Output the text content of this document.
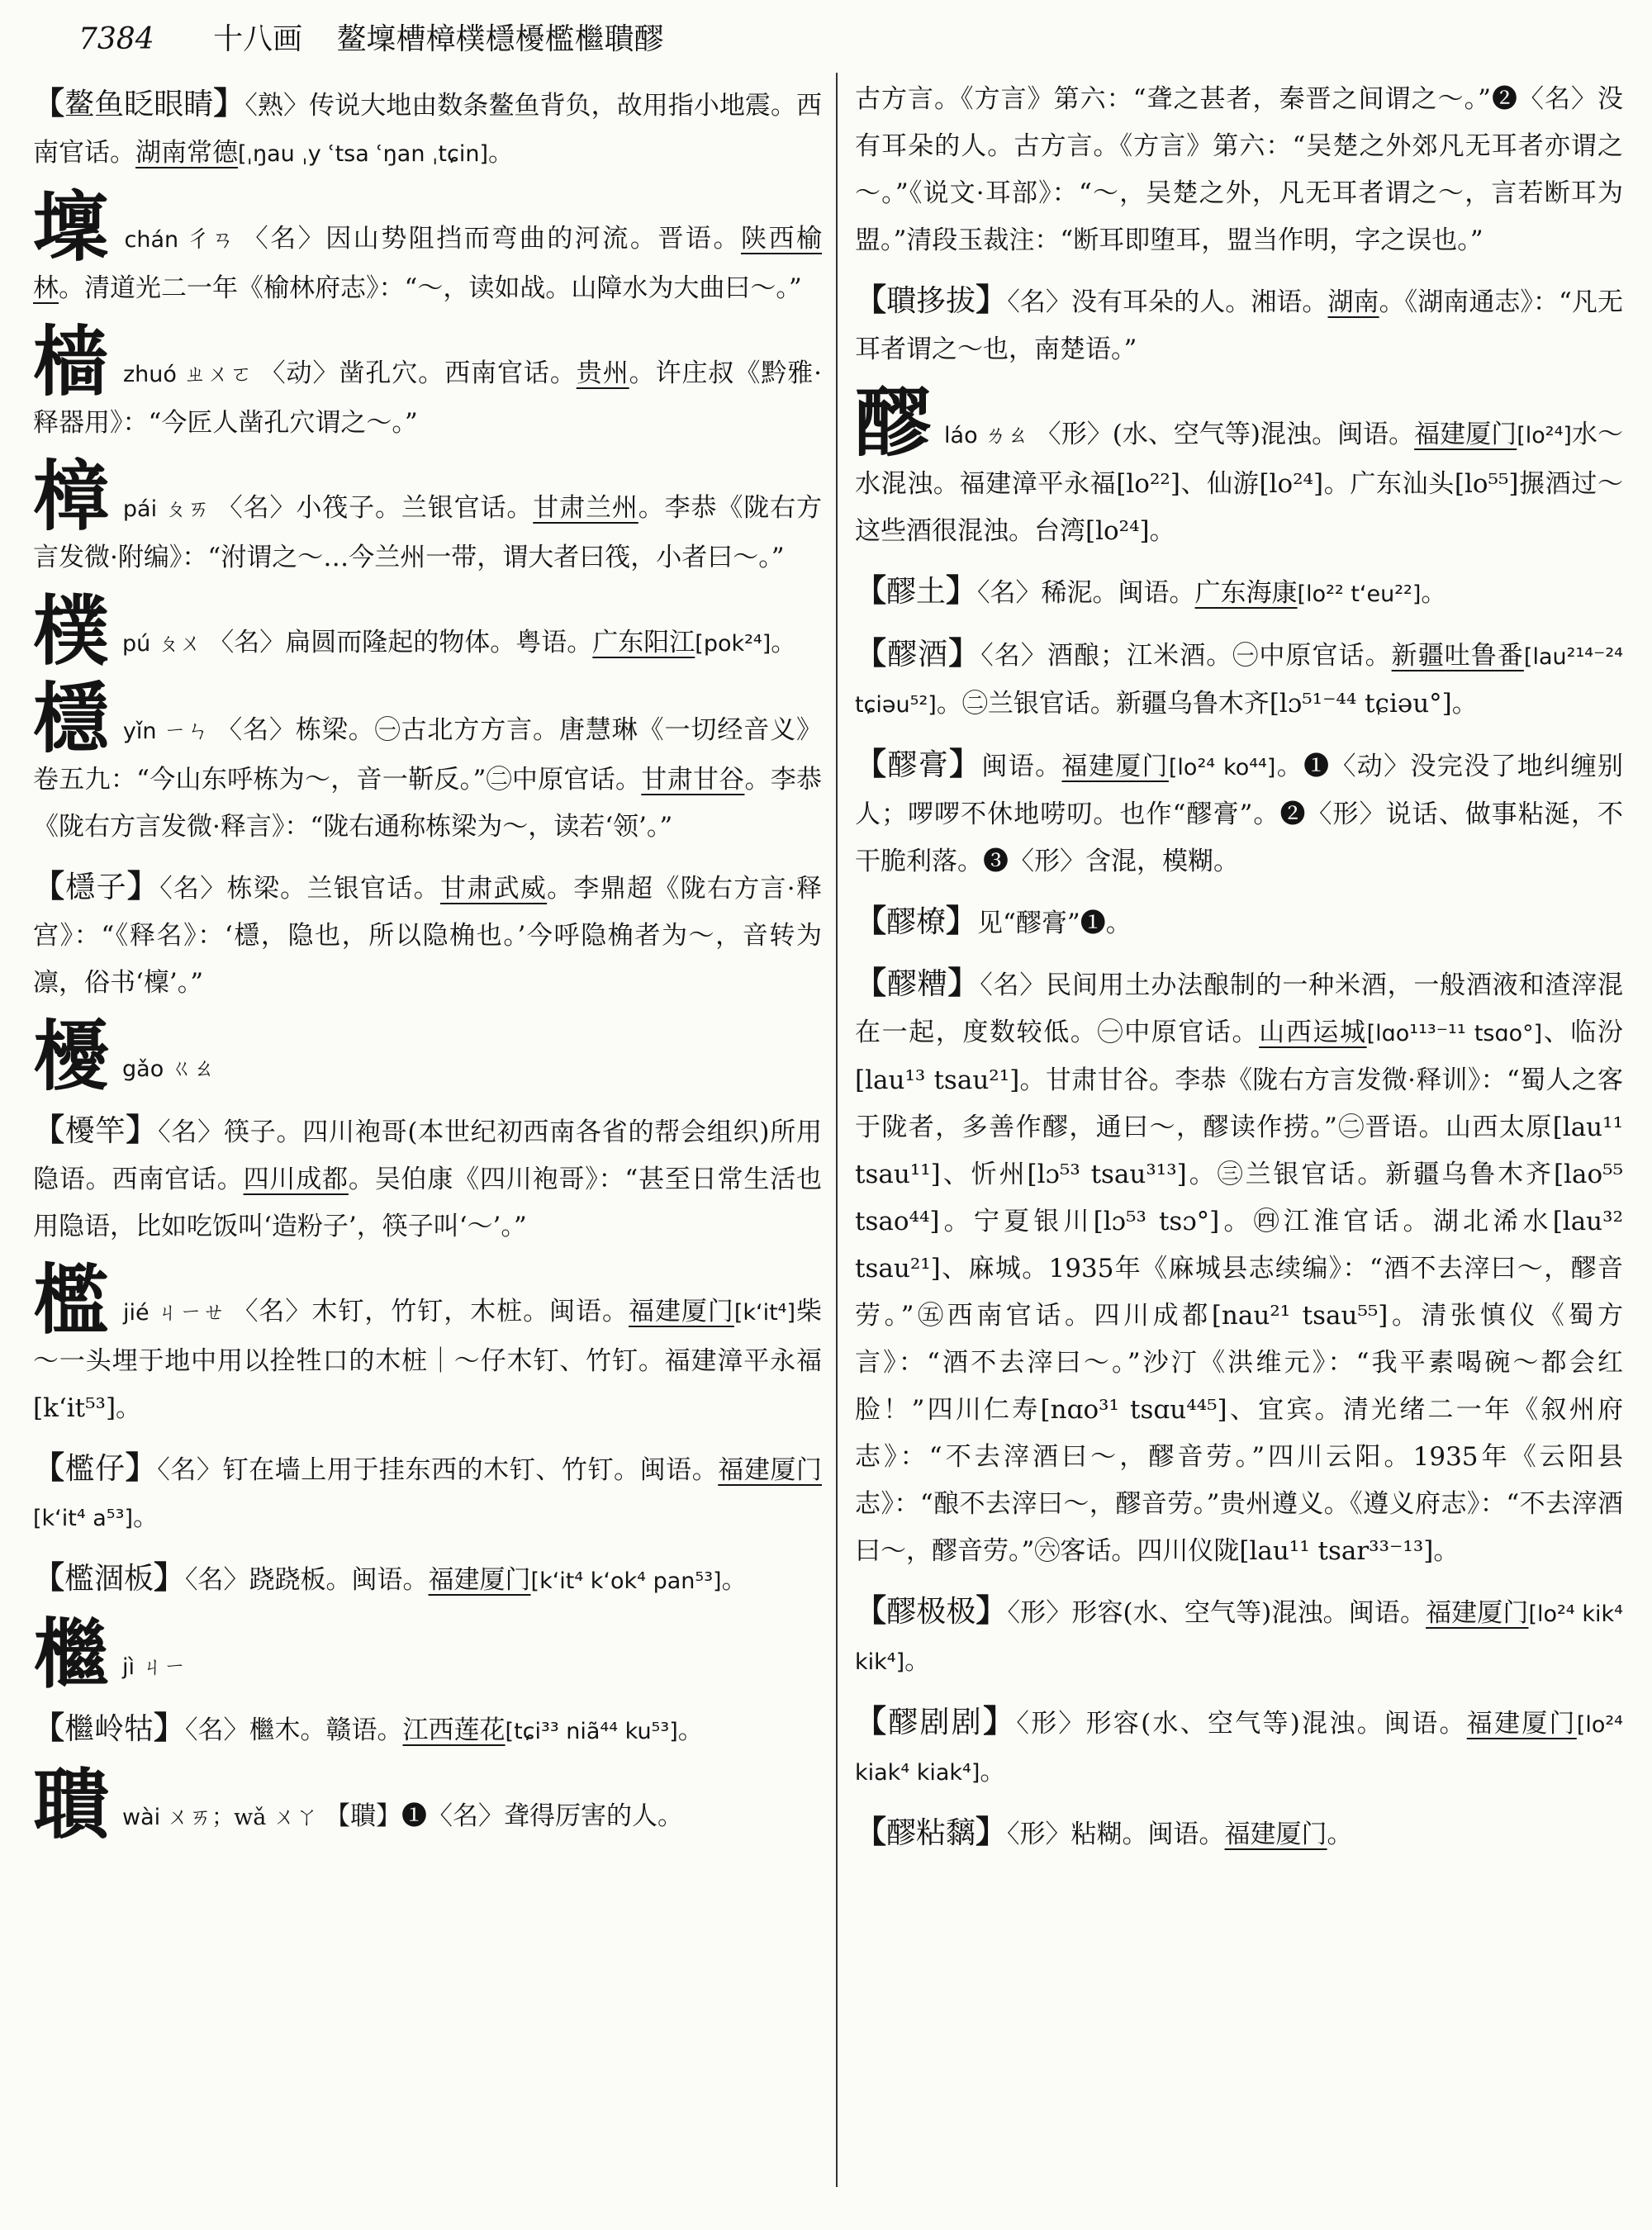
7384 十八画 鳌壈槽樟樸檼櫌檻檵聵醪
【鳌鱼眨眼睛】〈熟〉传说大地由数条鳌鱼背负，故用指小地震。西南官话。湖南常德[ˌŋau ˌy ʿtsa ʿŋan ˌtɕin]。
壈chán 彳ㄢ 〈名〉因山势阻挡而弯曲的河流。晋语。陕西榆林。清道光二一年《榆林府志》：“～，读如战。山障水为大曲曰～。”
樯zhuó ㄓㄨㄛ 〈动〉凿孔穴。西南官话。贵州。许庄叔《黔雅·释器用》：“今匠人凿孔穴谓之～。”
樟pái ㄆㄞ 〈名〉小筏子。兰银官话。甘肃兰州。李恭《陇右方言发微·附编》：“泭谓之～…今兰州一带，谓大者曰筏，小者曰～。”
樸pú ㄆㄨ 〈名〉扁圆而隆起的物体。粤语。广东阳江[pok²⁴]。
檼yǐn ㄧㄣ 〈名〉栋梁。㊀古北方方言。唐慧琳《一切经音义》卷五九：“今山东呼栋为～，音一靳反。”㊁中原官话。甘肃甘谷。李恭《陇右方言发微·释言》：“陇右通称栋梁为～，读若‘领’。”
【檼子】〈名〉栋梁。兰银官话。甘肃武威。李鼎超《陇右方言·释宫》：“《释名》：‘檼，隐也，所以隐桷也。’今呼隐桷者为～，音转为凛，俗书‘檁’。”
櫌gǎo ㄍㄠ
【櫌竿】〈名〉筷子。四川袍哥(本世纪初西南各省的帮会组织)所用隐语。西南官话。四川成都。吴伯康《四川袍哥》：“甚至日常生活也用隐语，比如吃饭叫‘造粉子’，筷子叫‘～’。”
檻jié ㄐㄧㄝ 〈名〉木钉，竹钉，木桩。闽语。福建厦门[k‘it⁴]柴～一头埋于地中用以拴牲口的木桩｜～仔木钉、竹钉。福建漳平永福[k‘it⁵³]。
【檻仔】〈名〉钉在墙上用于挂东西的木钉、竹钉。闽语。福建厦门[k‘it⁴ a⁵³]。
【檻涸板】〈名〉跷跷板。闽语。福建厦门[k‘it⁴ k‘ok⁴ pan⁵³]。
檵jì ㄐㄧ
【檵岭牯】〈名〉檵木。赣语。江西莲花[tɕi³³ niã⁴⁴ ku⁵³]。
聵wài ㄨㄞ；wǎ ㄨㄚ 【聵】❶〈名〉聋得厉害的人。
古方言。《方言》第六：“聋之甚者，秦晋之间谓之～。”❷〈名〉没有耳朵的人。古方言。《方言》第六：“吴楚之外郊凡无耳者亦谓之～。”《说文·耳部》：“～，吴楚之外，凡无耳者谓之～，言若断耳为盟。”清段玉裁注：“断耳即堕耳，盟当作明，字之误也。”
【聵拸拔】〈名〉没有耳朵的人。湘语。湖南。《湖南通志》：“凡无耳者谓之～也，南楚语。”
醪láo ㄌㄠ 〈形〉(水、空气等)混浊。闽语。福建厦门[lo²⁴]水～水混浊。福建漳平永福[lo²²]、仙游[lo²⁴]。广东汕头[lo⁵⁵]搌酒过～这些酒很混浊。台湾[lo²⁴]。
【醪土】〈名〉稀泥。闽语。广东海康[lo²² t‘eu²²]。
【醪酒】〈名〉酒酿；江米酒。㊀中原官话。新疆吐鲁番[lau²¹⁴⁻²⁴ tɕiəu⁵²]。㊁兰银官话。新疆乌鲁木齐[lɔ⁵¹⁻⁴⁴ tɕiəu°]。
【醪膏】闽语。福建厦门[lo²⁴ ko⁴⁴]。❶〈动〉没完没了地纠缠别人；啰啰不休地唠叨。也作“醪膏”。❷〈形〉说话、做事粘涎，不干脆利落。❸〈形〉含混，模糊。
【醪橑】见“醪膏”❶。
【醪糟】〈名〉民间用土办法酿制的一种米酒，一般酒液和渣滓混在一起，度数较低。㊀中原官话。山西运城[lɑo¹¹³⁻¹¹ tsɑo°]、临汾[lau¹³ tsau²¹]。甘肃甘谷。李恭《陇右方言发微·释训》：“蜀人之客于陇者，多善作醪，通曰～，醪读作捞。”㊁晋语。山西太原[lau¹¹ tsau¹¹]、忻州[lɔ⁵³ tsau³¹³]。㊂兰银官话。新疆乌鲁木齐[lao⁵⁵ tsao⁴⁴]。宁夏银川[lɔ⁵³ tsɔ°]。㊃江淮官话。湖北浠水[lau³² tsau²¹]、麻城。1935年《麻城县志续编》：“酒不去滓曰～，醪音劳。”㊄西南官话。四川成都[nau²¹ tsau⁵⁵]。清张慎仪《蜀方言》：“酒不去滓曰～。”沙汀《洪维元》：“我平素喝碗～都会红脸！”四川仁寿[nɑo³¹ tsɑu⁴⁴⁵]、宜宾。清光绪二一年《叙州府志》：“不去滓酒曰～，醪音劳。”四川云阳。1935年《云阳县志》：“酿不去滓曰～，醪音劳。”贵州遵义。《遵义府志》：“不去滓酒曰～，醪音劳。”㊅客话。四川仪陇[lau¹¹ tsar³³⁻¹³]。
【醪极极】〈形〉形容(水、空气等)混浊。闽语。福建厦门[lo²⁴ kik⁴ kik⁴]。
【醪剧剧】〈形〉形容(水、空气等)混浊。闽语。福建厦门[lo²⁴ kiak⁴ kiak⁴]。
【醪粘黐】〈形〉粘糊。闽语。福建厦门。
